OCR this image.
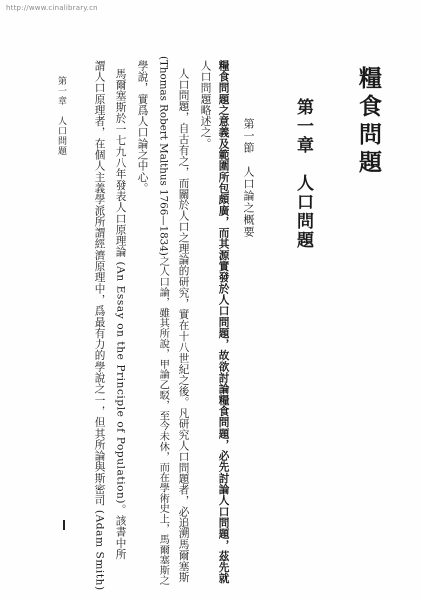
http://www.cinalibrary.cn
糧食問題
第一章　人口問題
第一節　人口論之概要
糧食問題之意義及範圍所包頗廣，而其源實發於人口問題，故欲討論糧食問題，必先討論人口問題，茲先就
人口問題略述之。
人口問題，自古有之，而關於人口之理論的研究，實在十八世紀之後。凡研究人口問題者，必追溯馬爾塞斯
(Thomas Robert Malthus 1766—1834)之人口論，雖其所說，甲論乙駁，至今未休，而在學術史上，馬爾塞斯之
學說，實爲人口論之中心。
馬爾塞斯於一七九八年發表人口原理論 (An Essay on the Principle of Population)。該書中所
謂人口原理者，在個人主義學派所謂經濟原理中，爲最有力的學說之一，但其所論與斯密司 (Adam Smith)
第一章　人口問題
